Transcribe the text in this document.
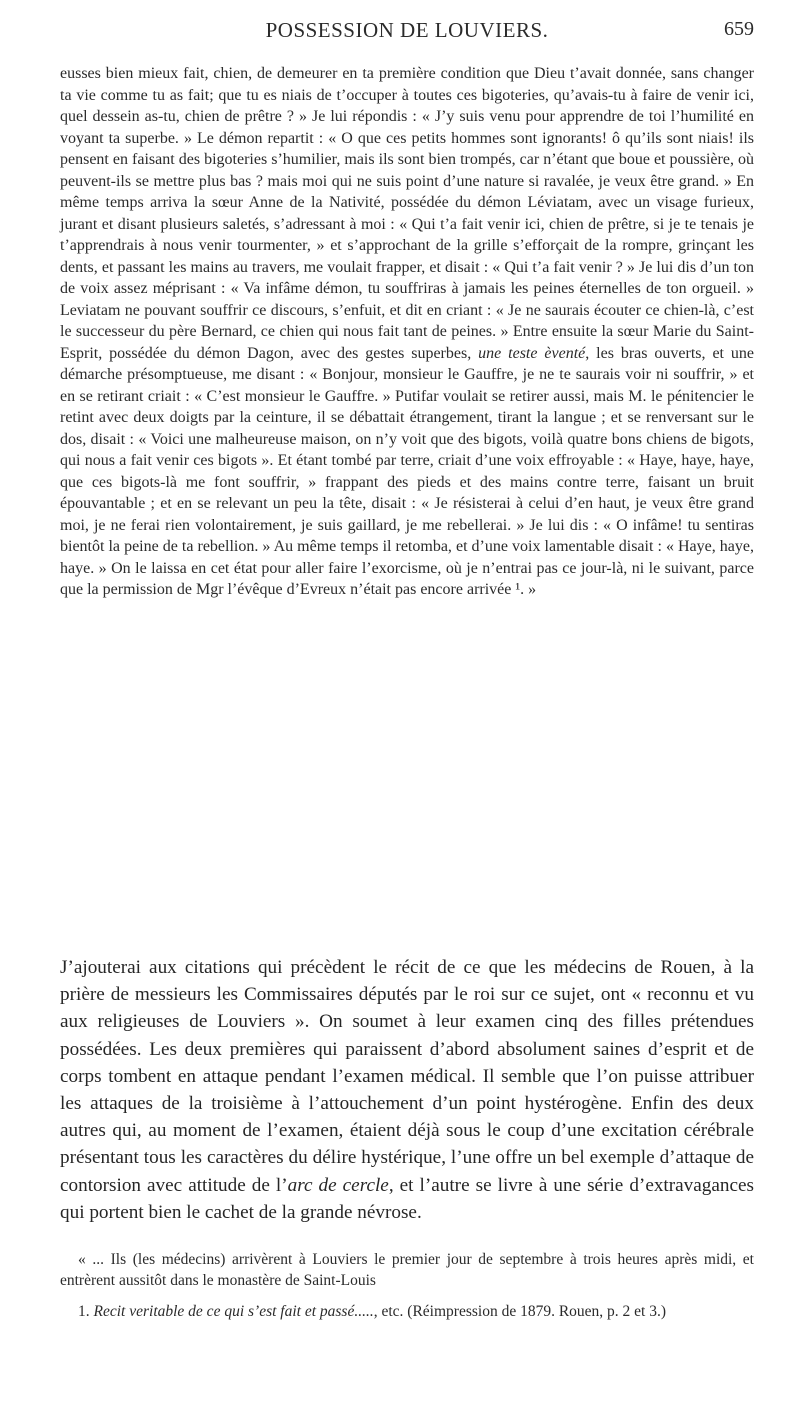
POSSESSION DE LOUVIERS.	659

eusses bien mieux fait, chien, de demeurer en ta première condition que Dieu t’avait donnée, sans changer ta vie comme tu as fait; que tu es niais de t’occuper à toutes ces bigoteries, qu’avais-tu à faire de venir ici, quel dessein as-tu, chien de prêtre ? » Je lui répondis : « J’y suis venu pour apprendre de toi l’humilité en voyant ta superbe. » Le démon repartit : « O que ces petits hommes sont ignorants! ô qu’ils sont niais! ils pensent en faisant des bigoteries s’humilier, mais ils sont bien trompés, car n’étant que boue et poussière, où peuvent-ils se mettre plus bas ? mais moi qui ne suis point d’une nature si ravalée, je veux être grand. » En même temps arriva la sœur Anne de la Nativité, possédée du démon Léviatam, avec un visage furieux, jurant et disant plusieurs saletés, s’adressant à moi : « Qui t’a fait venir ici, chien de prêtre, si je te tenais je t’apprendrais à nous venir tourmenter, » et s’approchant de la grille s’efforçait de la rompre, grinçant les dents, et passant les mains au travers, me voulait frapper, et disait : « Qui t’a fait venir ? » Je lui dis d’un ton de voix assez méprisant : « Va infâme démon, tu souffriras à jamais les peines éternelles de ton orgueil. » Leviatam ne pouvant souffrir ce discours, s’enfuit, et dit en criant : « Je ne saurais écouter ce chien-là, c’est le successeur du père Bernard, ce chien qui nous fait tant de peines. » Entre ensuite la sœur Marie du Saint-Esprit, possédée du démon Dagon, avec des gestes superbes, une teste èventé, les bras ouverts, et une démarche présomptueuse, me disant : « Bonjour, monsieur le Gauffre, je ne te saurais voir ni souffrir, » et en se retirant criait : « C’est monsieur le Gauffre. » Putifar voulait se retirer aussi, mais M. le pénitencier le retint avec deux doigts par la ceinture, il se débattait étrangement, tirant la langue ; et se renversant sur le dos, disait : « Voici une malheureuse maison, on n’y voit que des bigots, voilà quatre bons chiens de bigots, qui nous a fait venir ces bigots ». Et étant tombé par terre, criait d’une voix effroyable : « Haye, haye, haye, que ces bigots-là me font souffrir, » frappant des pieds et des mains contre terre, faisant un bruit épouvantable ; et en se relevant un peu la tête, disait : « Je résisterai à celui d’en haut, je veux être grand moi, je ne ferai rien volontairement, je suis gaillard, je me rebellerai. » Je lui dis : « O infâme! tu sentiras bientôt la peine de ta rebellion. » Au même temps il retomba, et d’une voix lamentable disait : « Haye, haye, haye. » On le laissa en cet état pour aller faire l’exorcisme, où je n’entrai pas ce jour-là, ni le suivant, parce que la permission de Mgr l’évêque d’Evreux n’était pas encore arrivée ¹. »

J’ajouterai aux citations qui précèdent le récit de ce que les médecins de Rouen, à la prière de messieurs les Commissaires députés par le roi sur ce sujet, ont « reconnu et vu aux religieuses de Louviers ». On soumet à leur examen cinq des filles prétendues possédées. Les deux premières qui paraissent d’abord absolument saines d’esprit et de corps tombent en attaque pendant l’examen médical. Il semble que l’on puisse attribuer les attaques de la troisième à l’attouchement d’un point hystérogène. Enfin des deux autres qui, au moment de l’examen, étaient déjà sous le coup d’une excitation cérébrale présentant tous les caractères du délire hystérique, l’une offre un bel exemple d’attaque de contorsion avec attitude de l’arc de cercle, et l’autre se livre à une série d’extravagances qui portent bien le cachet de la grande névrose.

« ... Ils (les médecins) arrivèrent à Louviers le premier jour de septembre à trois heures après midi, et entrèrent aussitôt dans le monastère de Saint-Louis

1. Recit veritable de ce qui s’est fait et passé....., etc. (Réimpression de 1879. Rouen, p. 2 et 3.)
